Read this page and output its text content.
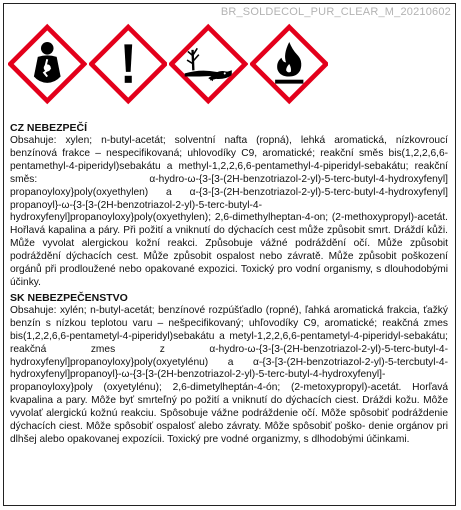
BR_SOLDECOL_PUR_CLEAR_M_20210602

CZ NEBEZPEČÍ

Obsahuje: xylen; n-butyl-acetát; solventní nafta (ropná), lehká aromatická, nízkovroucí benzínová frakce – nespecifikovaná; uhlovodíky C9, aromatické; reakční směs bis(1,2,2,6,6-pentamethyl-4-piperidyl)sebakátu a methyl-1,2,2,6,6-pentamethyl-4-piperidyl-sebakátu; reakční směs: α-hydro-ω-{3-[3-(2H-benzotriazol-2-yl)-5-terc-butyl-4-hydroxyfenyl] propanoyloxy}poly(oxyethylen) a α-{3-[3-(2H-benzotriazol-2-yl)-5-terc-butyl-4-hydroxyfenyl] propanoyl}-ω-{3-[3-(2H-benzotriazol-2-yl)-5-terc-butyl-4-hydroxyfenyl]propanoyloxy}poly(oxyethylen); 2,6-dimethylheptan-4-on; (2-methoxypropyl)-acetát. Hořlavá kapalina a páry. Při požití a vniknutí do dýchacích cest může způsobit smrt. Dráždí kůži. Může vyvolat alergickou kožní reakci. Způsobuje vážné podráždění očí. Může způsobit podráždění dýchacích cest. Může způsobit ospalost nebo závratě. Může způsobit poškození orgánů při prodloužené nebo opakované expozici. Toxický pro vodní organismy, s dlouhodobými účinky.

SK NEBEZPEČENSTVO

Obsahuje: xylén; n-butyl-acetát; benzínové rozpúšťadlo (ropné), ľahká aromatická frakcia, ťažký benzín s nízkou teplotou varu – nešpecifikovaný; uhľovodíky C9, aromatické; reakčná zmes bis(1,2,2,6,6-pentametyl-4-piperidyl)sebakátu a metyl-1,2,2,6,6-pentametyl-4-piperidyl-sebakátu; reakčná zmes z α-hydro-ω-{3-[3-(2H-benzotriazol-2-yl)-5-terc-butyl-4-hydroxyfenyl]propanoyloxy}poly(oxyetylénu) a α-{3-[3-(2H-benzotriazol-2-yl)-5-tercbutyl-4-hydroxyfenyl]propanoyl}-ω-{3-[3-(2H-benzotriazol-2-yl)-5-terc-butyl-4-hydroxyfenyl]- propanoyloxy}poly (oxyetylénu); 2,6-dimetylheptán-4-ón; (2-metoxypropyl)-acetát. Horľavá kvapalina a pary. Môže byť smrteľný po požití a vniknutí do dýchacích ciest. Dráždi kožu. Môže vyvolať alergickú kožnú reakciu. Spôsobuje vážne podráždenie očí. Môže spôsobiť podráždenie dýchacích ciest. Môže spôsobiť ospalosť alebo závraty. Môže spôsobiť poško- denie orgánov pri dlhšej alebo opakovanej expozícii. Toxický pre vodné organizmy, s dlhodobými účinkami.
